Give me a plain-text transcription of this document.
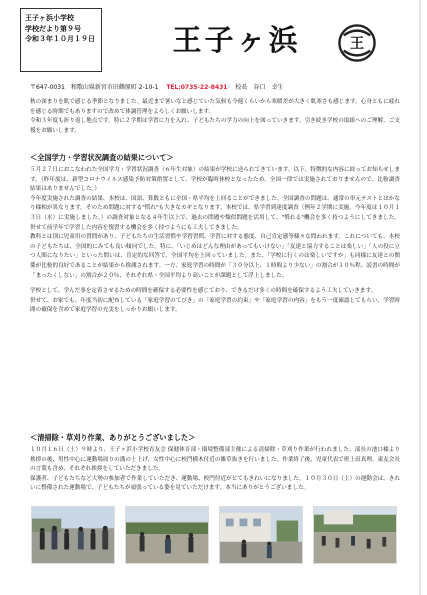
王子ヶ浜小学校
学校だより第９号
令和３年１０月１９日	王子ヶ浜	王
〒647-0031　和歌山県新宮市田鶴原町 2-10-1 TEL:0735-22-8431 校長　谷口　幸生

秋の深まりを肌で感じる季節となりました。最近まで暑いなと感じていた気候も今週くらいから寒暖差が大きく肌寒さも感じます。心身ともに疲れを感じる時期でもありますので改めて体調管理をよろしくお願いします。

令和３年度も折り返し地点です。特に２学期は学習に力を入れ、子どもたちの学力の向上を図っていきます。引き続き学校の取組へのご理解、ご支援をお願いします。

＜全国学力・学習状況調査の結果について＞

５月２７日におこなわれた全国学力・学習状況調査（６年生対象）の結果が学校に送られてきています。以下、特徴的な内容に絞ってお知らせします。（昨年度は、新型コロナウイルス感染予防対策措置として、学校が臨時休校となったため、全国一律では実施されておりませんので、比較調査結果はありませんでした。）

今年度実施された調査の結果、本校は、国語、算数ともに全国・県平均を上回ることができました。全国調査の問題は、通常の単元テストとはかなり様相が異なります。そのため問題に対する"慣れ"も大きなカギとなります。本校では、県学習到達度調査（例年２学期に実施。今年度は１０月１３日（水）に実施しました。）の調査対象となる４年生以上で、過去の問題や類似問題を活用して、"慣れる"機会を多く持つようにしてきました。併せて前学年で学習した内容を復習する機会を多く持つようにも工夫してきました。

教科とは別に児童用の質問があり、子どもたちの生活習慣や学習習慣、学習に対する態度、自己肯定感等様々な問われます。これについても、本校の子どもたちは、全国的にみても良い傾向でした。特に、「いじめはどんな理由があってもいけない」「友達と協力することは楽しい」「人の役に立つ人間になりたい」といった問いは、肯定的な回答で、全国平均を上回っていました。また、「学校に行くのは楽しいですか」も同様に友達との関係が比較的良好であることが結果から推測されます。一方、家庭学習の時間が「３０分以上、１時間より少ない」の割合が１０％程、読書の時間が「まったくしない」の割合が２０％、それぞれ県・全国平均より高いことが課題として浮上しました。

学校として、学んだ事を定着させるための時間を確保する必要性を感じており、できるだけ多くの時間を確保するよう工夫していきます。

併せて、お家でも、年度当初に配布している「家庭学習のてびき」の「家庭学習の約束」や「家庭学習の内容」をもう一度確認してもらい、学習時間の確保を含めて家庭学習の充実をしっかりお願いします。

＜清掃除・草刈り作業、ありがとうございました＞

１０月１６日（土）９時より、王子ヶ浜小学校育友会 保健体育部・環境整備部主催による清掃除・草刈り作業が行われました。部長の池口様より挨拶の後、男性中心に運動場周りの溝の土上げ、女性中心に校門横木付近の雑草抜きを行いました。作業終了後、児童代表で班上田真理、東友会長の言葉も含め、それぞれ挨拶をしていただきました。

保護者、子どもたちなど大勢の参加者で作業していただき、運動場、校門付近がとてもきれいになりました。１０月３０日（土）の運動会は、きれいに整備された運動場で、子どもたちが頑張っている姿を見ていただけます。本当にありがとうございました。
